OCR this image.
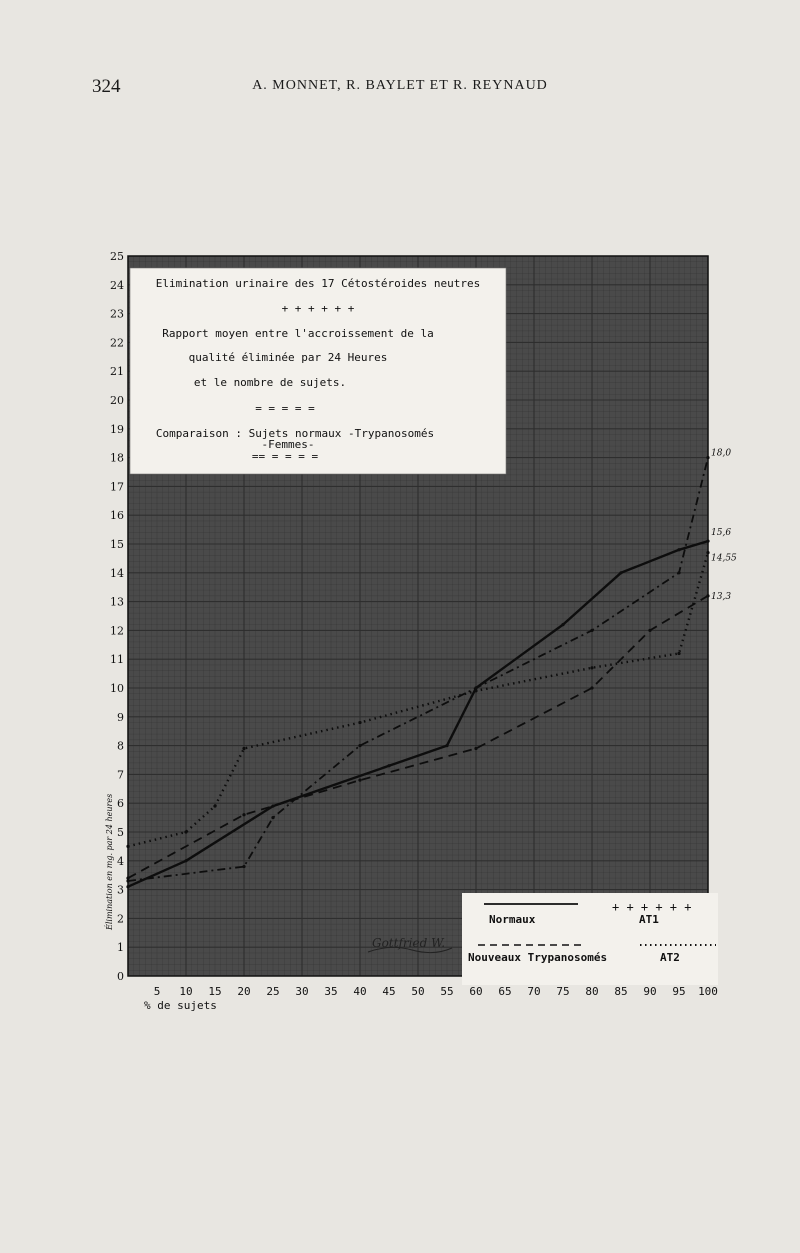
324	A. MONNET, R. BAYLET ET R. REYNAUD
Elimination urinaire des 17 Cétostéroides neutres
+ + + + + +
Rapport moyen entre l'accroissement de la
qualité éliminée par 24 Heures
et le nombre de sujets.
= = = = =
Comparaison : Sujets normaux -Trypanosomés
-Femmes-
== = = = =
Normaux
+ + + + + +
AT1
Nouveaux Trypanosomés	AT2
15,6
13,3
18,0
14,55
0
1
2
3
4
5
6
7
8
9
10
11
12
13
14
15
16
17
18
19
20
21
22
23
24
25
5 10 15 20 25 30 35 40 45 50 55 60 65 70 75 80 85 90 95 100
% de sujets
Élimination en mg. par 24 heures
Gottfried W.
